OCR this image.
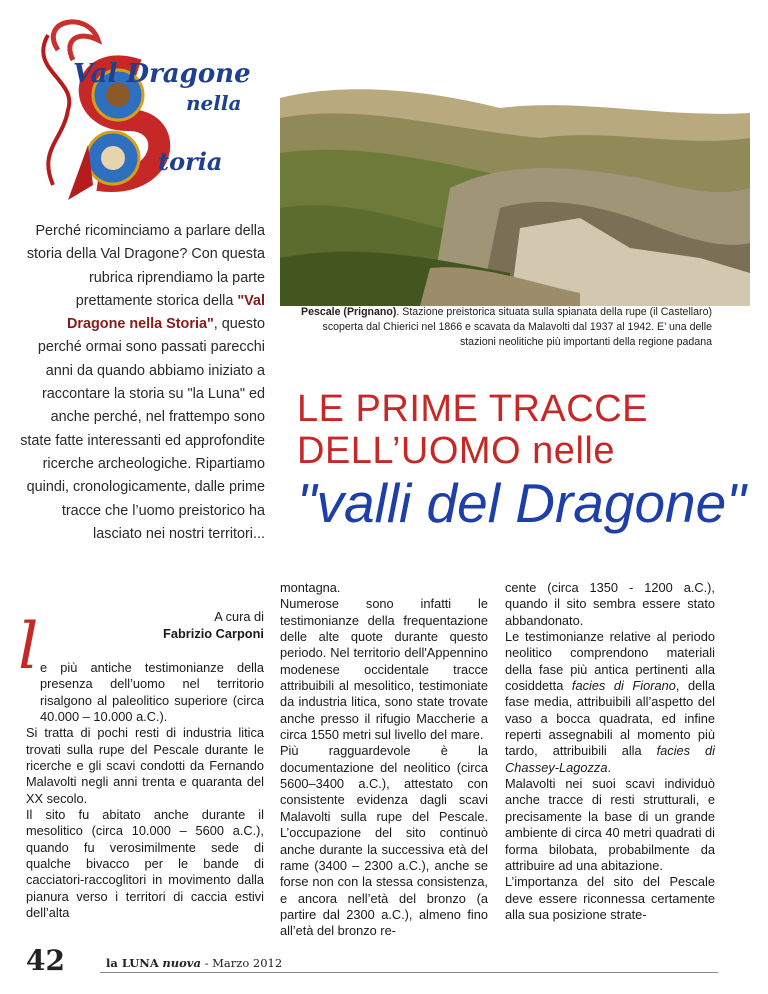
Val Dragone
nella
toria
Perché ricominciamo a parlare della storia della Val Dragone? Con questa rubrica riprendiamo la parte prettamente storica della "Val Dragone nella Storia", questo perché ormai sono passati parecchi anni da quando abbiamo iniziato a raccontare la storia su "la Luna" ed anche perché, nel frattempo sono state fatte interessanti ed approfondite ricerche archeologiche. Ripartiamo quindi, cronologicamente, dalle prime tracce che l’uomo preistorico ha lasciato nei nostri territori...
Pescale (Prignano). Stazione preistorica situata sulla spianata della rupe (il Castellaro) scoperta dal Chierici nel 1866 e scavata da Malavolti dal 1937 al 1942. E’ una delle stazioni neolitiche più importanti della regione padana
LE PRIME TRACCE
DELL’UOMO nelle
"valli del Dragone"
A cura di
Fabrizio Carponi
l e più antiche testimonianze della presenza dell’uomo nel territorio risalgono al paleolitico superiore (circa 40.000 – 10.000 a.C.).

Si tratta di pochi resti di industria litica trovati sulla rupe del Pescale durante le ricerche e gli scavi condotti da Fernando Malavolti negli anni trenta e quaranta del XX secolo.

Il sito fu abitato anche durante il mesolitico (circa 10.000 – 5600 a.C.), quando fu verosimilmente sede di qualche bivacco per le bande di cacciatori-raccoglitori in movimento dalla pianura verso i territori di caccia estivi dell’alta

montagna.

Numerose sono infatti le testimonianze della frequentazione delle alte quote durante questo periodo. Nel territorio dell'Appennino modenese occidentale tracce attribuibili al mesolitico, testimoniate da industria litica, sono state trovate anche presso il rifugio Maccherie a circa 1550 metri sul livello del mare.

Più ragguardevole è la documentazione del neolitico (circa 5600–3400 a.C.), attestato con consistente evidenza dagli scavi Malavolti sulla rupe del Pescale. L’occupazione del sito continuò anche durante la successiva età del rame (3400 – 2300 a.C.), anche se forse non con la stessa consistenza, e ancora nell’età del bronzo (a partire dal 2300 a.C.), almeno fino all’età del bronzo re-

cente (circa 1350 - 1200 a.C.), quando il sito sembra essere stato abbandonato.

Le testimonianze relative al periodo neolitico comprendono materiali della fase più antica pertinenti alla cosiddetta facies di Fiorano, della fase media, attribuibili all’aspetto del vaso a bocca quadrata, ed infine reperti assegnabili al momento più tardo, attribuibili alla facies di Chassey-Lagozza.

Malavolti nei suoi scavi individuò anche tracce di resti strutturali, e precisamente la base di un grande ambiente di circa 40 metri quadrati di forma bilobata, probabilmente da attribuire ad una abitazione.

L’importanza del sito del Pescale deve essere riconnessa certamente alla sua posizione strate-

42	la LUNA nuova - Marzo 2012
